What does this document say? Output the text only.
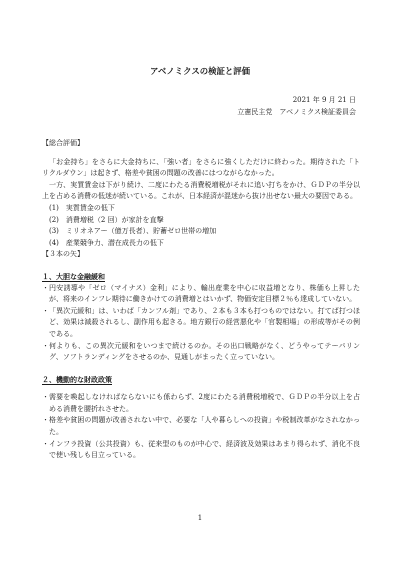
アベノミクスの検証と評価
2021 年 9 月 21 日
立憲民主党　アベノミクス検証委員会
【総合評価】

「お金持ち」をさらに大金持ちに、「強い者」をさらに強くしただけに終わった。期待された「トリクルダウン」は起きず、格差や貧困の問題の改善にはつながらなかった。

一方、実質賃金は下がり続け、二度にわたる消費税増税がそれに追い打ちをかけ、ＧＤＰの半分以上を占める消費の低迷が続いている。これが、日本経済が混迷から抜け出せない最大の要因である。

(1)　実質賃金の低下
(2)　消費増税（2 回）が家計を直撃
(3)　ミリオネアー（億万長者）、貯蓄ゼロ世帯の増加
(4)　産業競争力、潜在成長力の低下
【３本の矢】
１、大胆な金融緩和
・ 円安誘導や「ゼロ（マイナス）金利」により、輸出産業を中心に収益増となり、株価も上昇したが、将来のインフレ期待に働きかけての消費増とはいかず、物価安定目標２％も達成していない。
・ 「異次元緩和」は、いわば「カンフル剤」であり、２本も３本も打つものではない。打てば打つほど、効果は減殺されるし、副作用も起きる。地方銀行の経営悪化や「官製相場」の形成等がその例である。
・ 何よりも、この異次元緩和をいつまで続けるのか。その出口戦略がなく、どうやってテーパリング、ソフトランディングをさせるのか、見通しがまったく立っていない。
２、機動的な財政政策
・ 需要を喚起しなければならないにも係わらず、2度にわたる消費税増税で、ＧＤＰの半分以上を占める消費を腰折れさせた。
・ 格差や貧困の問題が改善されない中で、必要な「人や暮らしへの投資」や税制改革がなされなかった。
・ インフラ投資（公共投資）も、従来型のものが中心で、経済波及効果はあまり得られず、消化不良で使い残しも目立っている。
1
